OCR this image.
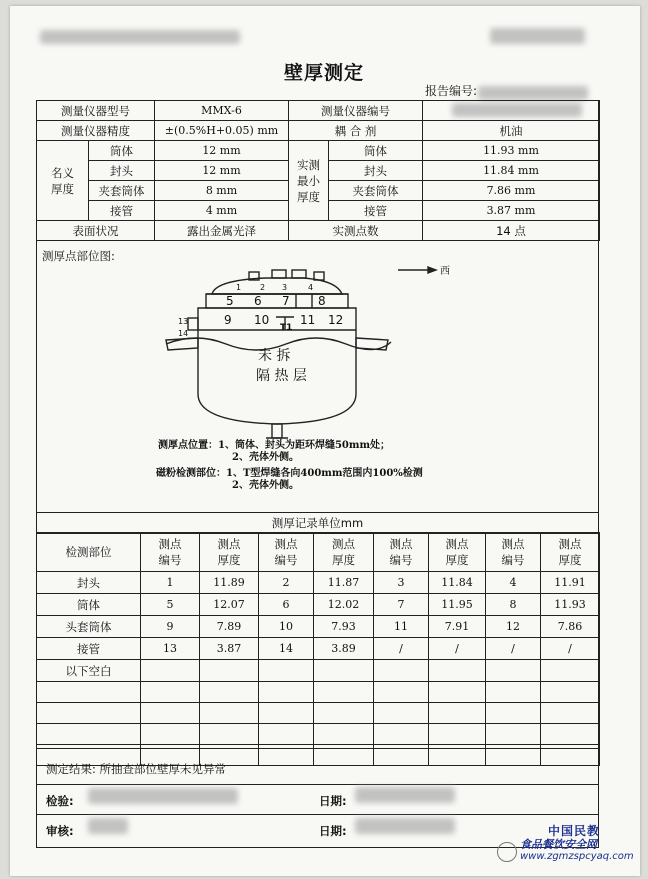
壁厚测定
报告编号:
测量仪器型号		MMX-6	测量仪器编号		
测量仪器精度		±(0.5%H+0.05) mm	耦 合 剂		机油
名义厚度	筒体	12 mm	实测最小厚度	筒体	11.93 mm
	封头	12 mm		封头	11.84 mm
	夹套筒体	8 mm		夹套筒体	7.86 mm
	接管	4 mm		接管	3.87 mm
表面状况		露出金属光泽	实测点数		14 点
测厚点部位图:
西
1 2 3	4
5 6 7 8
9 10	11 12
13
14
T1
未 拆
隔 热 层
测厚点位置：1、筒体、封头为距环焊缝50mm处；
2、壳体外侧。
磁粉检测部位：1、T型焊缝各向400mm范围内100%检测
2、壳体外侧。
测厚记录单位mm
检测部位	测点编号	测点厚度	测点编号	测点厚度	测点编号	测点厚度	测点编号	测点厚度
封头	1	11.89	2	11.87	3	11.84	4	11.91
筒体	5	12.07	6	12.02	7	11.95	8	11.93
头套筒体	9	7.89	10	7.93	11	7.91	12	7.86
接管	13	3.87	14	3.89	/	/	/	/
以下空白								

测定结果: 所抽查部位壁厚未见异常
检验:	日期:
审核:	日期:	中国民教
食品餐饮安全网
www.zgmzspcyaq.com
